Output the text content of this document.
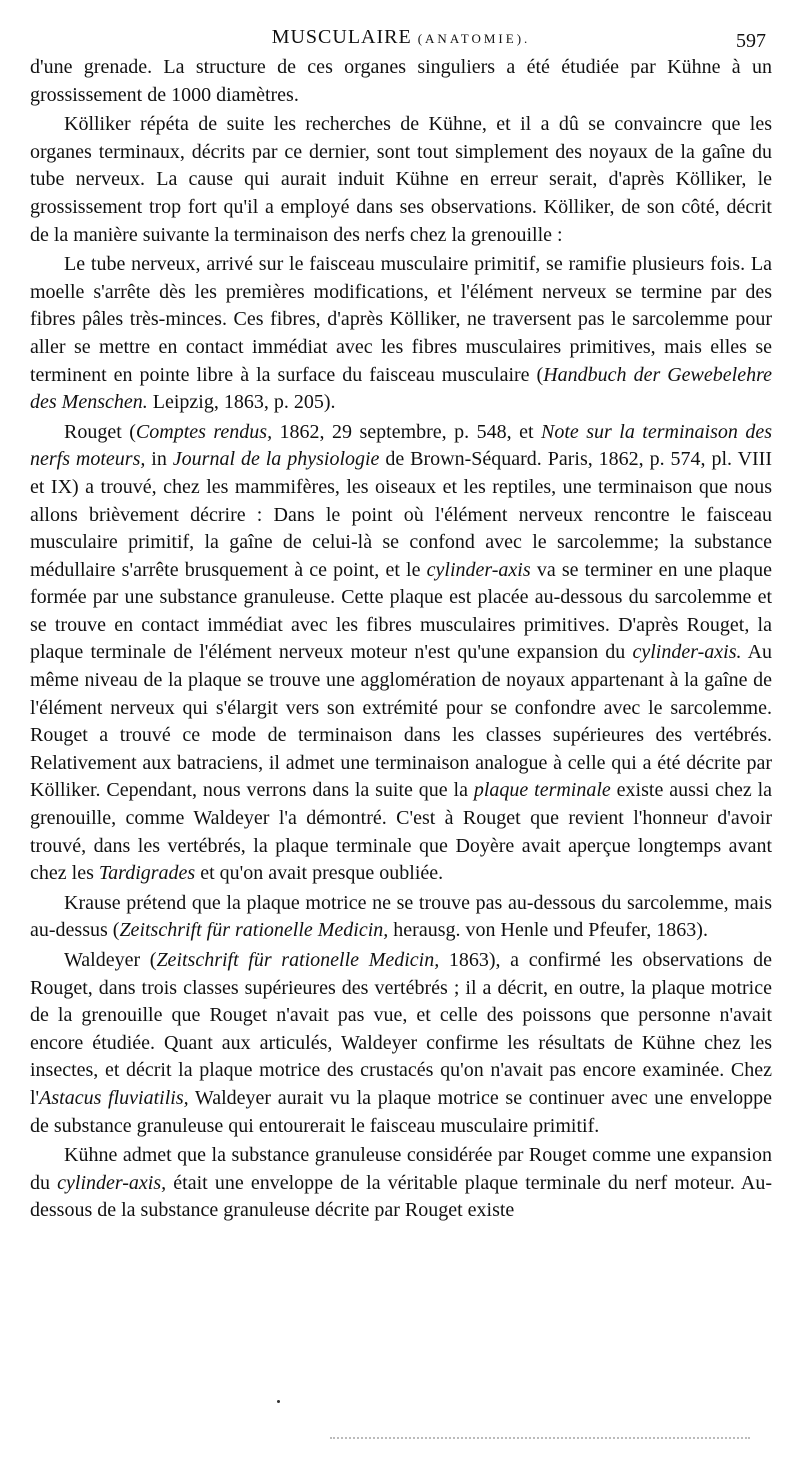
MUSCULAIRE (ANATOMIE).	597

d'une grenade. La structure de ces organes singuliers a été étudiée par Kühne à un grossissement de 1000 diamètres.

Kölliker répéta de suite les recherches de Kühne, et il a dû se convaincre que les organes terminaux, décrits par ce dernier, sont tout simplement des noyaux de la gaîne du tube nerveux. La cause qui aurait induit Kühne en erreur serait, d'après Kölliker, le grossissement trop fort qu'il a employé dans ses observations. Kölliker, de son côté, décrit de la manière suivante la terminaison des nerfs chez la grenouille :

Le tube nerveux, arrivé sur le faisceau musculaire primitif, se ramifie plusieurs fois. La moelle s'arrête dès les premières modifications, et l'élément nerveux se termine par des fibres pâles très-minces. Ces fibres, d'après Kölliker, ne traversent pas le sarcolemme pour aller se mettre en contact immédiat avec les fibres musculaires primitives, mais elles se terminent en pointe libre à la surface du faisceau musculaire (Handbuch der Gewebelehre des Menschen. Leipzig, 1863, p. 205).

Rouget (Comptes rendus, 1862, 29 septembre, p. 548, et Note sur la terminaison des nerfs moteurs, in Journal de la physiologie de Brown-Séquard. Paris, 1862, p. 574, pl. VIII et IX) a trouvé, chez les mammifères, les oiseaux et les reptiles, une terminaison que nous allons brièvement décrire : Dans le point où l'élément nerveux rencontre le faisceau musculaire primitif, la gaîne de celui-là se confond avec le sarcolemme; la substance médullaire s'arrête brusquement à ce point, et le cylinder-axis va se terminer en une plaque formée par une substance granuleuse. Cette plaque est placée au-dessous du sarcolemme et se trouve en contact immédiat avec les fibres musculaires primitives. D'après Rouget, la plaque terminale de l'élément nerveux moteur n'est qu'une expansion du cylinder-axis. Au même niveau de la plaque se trouve une agglomération de noyaux appartenant à la gaîne de l'élément nerveux qui s'élargit vers son extrémité pour se confondre avec le sarcolemme. Rouget a trouvé ce mode de terminaison dans les classes supérieures des vertébrés. Relativement aux batraciens, il admet une terminaison analogue à celle qui a été décrite par Kölliker. Cependant, nous verrons dans la suite que la plaque terminale existe aussi chez la grenouille, comme Waldeyer l'a démontré. C'est à Rouget que revient l'honneur d'avoir trouvé, dans les vertébrés, la plaque terminale que Doyère avait aperçue longtemps avant chez les Tardigrades et qu'on avait presque oubliée.

Krause prétend que la plaque motrice ne se trouve pas au-dessous du sarcolemme, mais au-dessus (Zeitschrift für rationelle Medicin, herausg. von Henle und Pfeufer, 1863).

Waldeyer (Zeitschrift für rationelle Medicin, 1863), a confirmé les observations de Rouget, dans trois classes supérieures des vertébrés ; il a décrit, en outre, la plaque motrice de la grenouille que Rouget n'avait pas vue, et celle des poissons que personne n'avait encore étudiée. Quant aux articulés, Waldeyer confirme les résultats de Kühne chez les insectes, et décrit la plaque motrice des crustacés qu'on n'avait pas encore examinée. Chez l'Astacus fluviatilis, Waldeyer aurait vu la plaque motrice se continuer avec une enveloppe de substance granuleuse qui entourerait le faisceau musculaire primitif.

Kühne admet que la substance granuleuse considérée par Rouget comme une expansion du cylinder-axis, était une enveloppe de la véritable plaque terminale du nerf moteur. Au-dessous de la substance granuleuse décrite par Rouget existe
